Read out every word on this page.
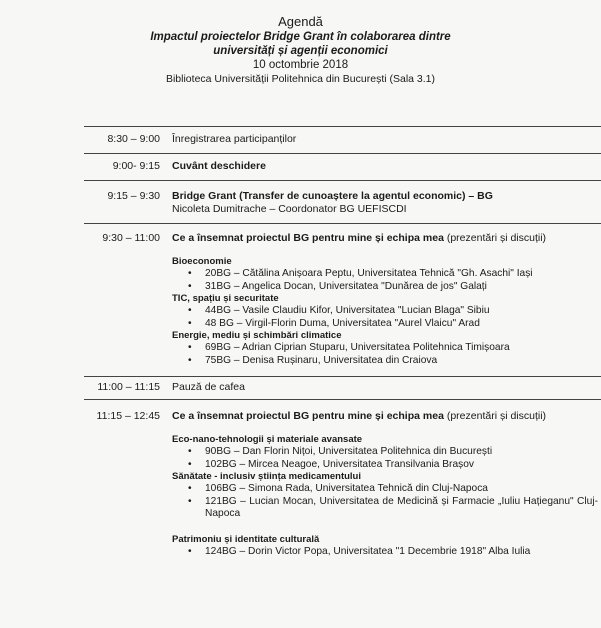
Agendă
Impactul proiectelor Bridge Grant în colaborarea dintre
universități și agenții economici
10 octombrie 2018
Biblioteca Universității Politehnica din București (Sala 3.1)
8:30 – 9:00 Înregistrarea participanților
9:00- 9:15 Cuvânt deschidere
9:15 – 9:30 Bridge Grant (Transfer de cunoaștere la agentul economic) – BG
Nicoleta Dumitrache – Coordonator BG UEFISCDI
9:30 – 11:00 Ce a însemnat proiectul BG pentru mine și echipa mea (prezentări și discuții)
Bioeconomie
• 20BG – Cătălina Anișoara Peptu, Universitatea Tehnică "Gh. Asachi" Iași
• 31BG – Angelica Docan, Universitatea "Dunărea de jos" Galați
TIC, spațiu și securitate
• 44BG – Vasile Claudiu Kifor, Universitatea "Lucian Blaga" Sibiu
• 48 BG – Virgil-Florin Duma, Universitatea "Aurel Vlaicu" Arad
Energie, mediu și schimbări climatice
• 69BG – Adrian Ciprian Stuparu, Universitatea Politehnica Timișoara
• 75BG – Denisa Rușinaru, Universitatea din Craiova
11:00 – 11:15 Pauză de cafea
11:15 – 12:45 Ce a însemnat proiectul BG pentru mine și echipa mea (prezentări și discuții)
Eco-nano-tehnologii și materiale avansate
• 90BG – Dan Florin Nițoi, Universitatea Politehnica din București
• 102BG – Mircea Neagoe, Universitatea Transilvania Brașov
Sănătate - inclusiv știința medicamentului
• 106BG – Simona Rada, Universitatea Tehnică din Cluj-Napoca
• 121BG – Lucian Mocan, Universitatea de Medicină și Farmacie „Iuliu Hațieganu" Cluj-Napoca
Patrimoniu și identitate culturală
• 124BG – Dorin Victor Popa, Universitatea "1 Decembrie 1918" Alba Iulia
